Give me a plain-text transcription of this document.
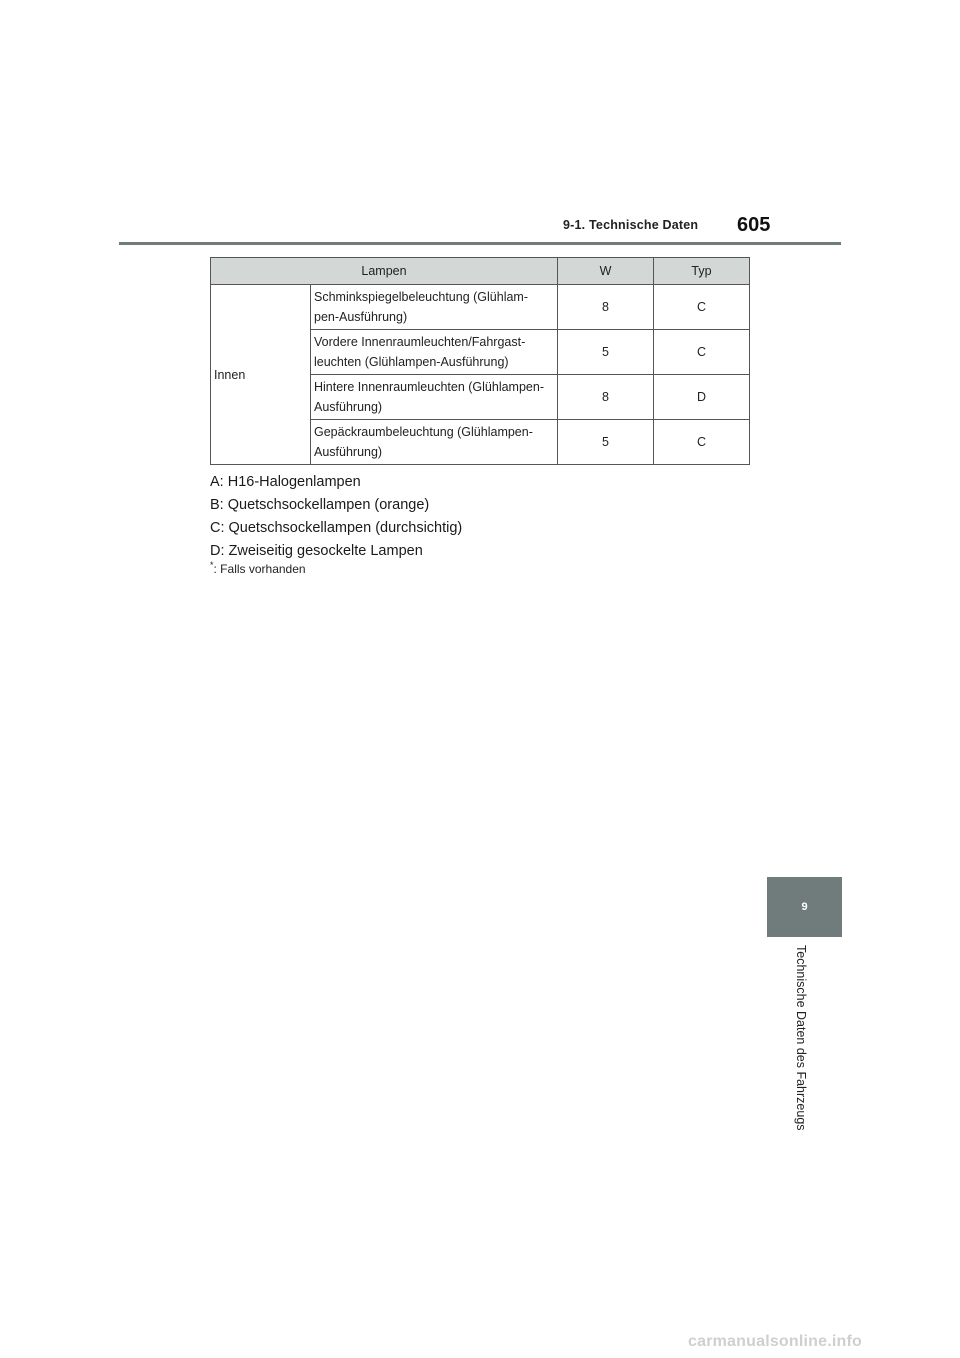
9-1. Technische Daten 605
Lampen		W	Typ
Innen	Schminkspiegelbeleuchtung (Glühlam-
pen-Ausführung)	8	C

	Vordere Innenraumleuchten/Fahrgast-
leuchten (Glühlampen-Ausführung)	5	C

	Hintere Innenraumleuchten (Glühlampen-
Ausführung)	8	D

	Gepäckraumbeleuchtung (Glühlampen-
Ausführung)	5	C
A: H16-Halogenlampen
B: Quetschsockellampen (orange)
C: Quetschsockellampen (durchsichtig)
D: Zweiseitig gesockelte Lampen
*: Falls vorhanden
9
Technische Daten des Fahrzeugs
carmanualsonline.info
